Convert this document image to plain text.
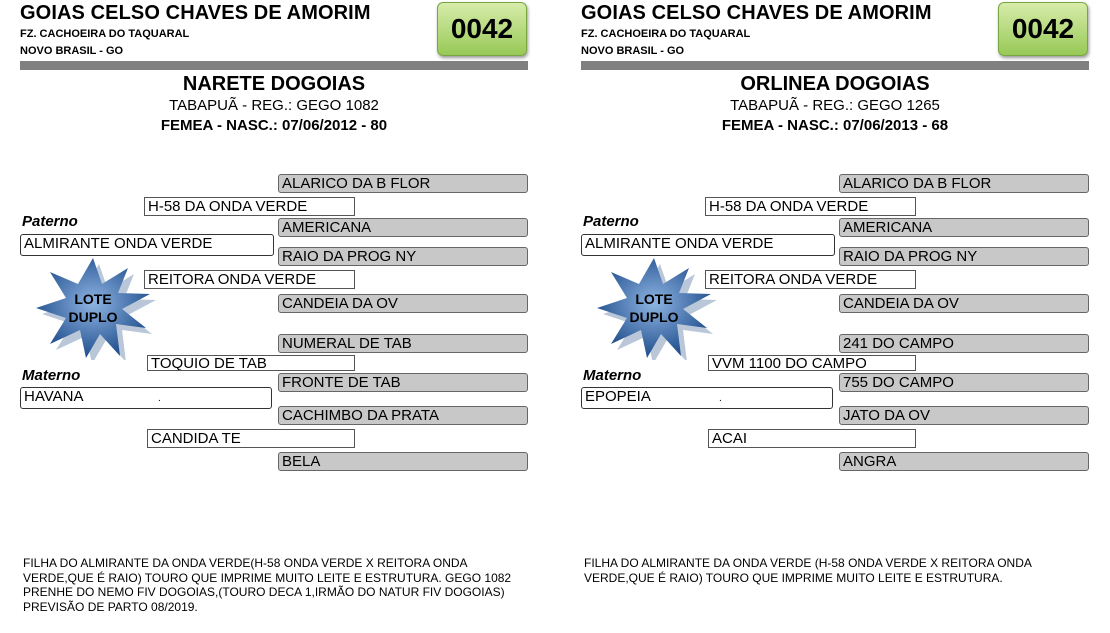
GOIAS CELSO CHAVES DE AMORIM
FZ. CACHOEIRA DO TAQUARAL
NOVO BRASIL - GO
0042
NARETE DOGOIAS
TABAPUÃ - REG.: GEGO 1082
FEMEA - NASC.: 07/06/2012 - 80
ALARICO DA B FLOR
H-58 DA ONDA VERDE
Paterno	AMERICANA
ALMIRANTE ONDA VERDE
RAIO DA PROG NY
REITORA ONDA VERDE
CANDEIA DA OV
LOTE
DUPLO
NUMERAL DE TAB
TOQUIO DE TAB
Materno	FRONTE DE TAB
HAVANA	.
CACHIMBO DA PRATA
CANDIDA TE
BELA
FILHA DO ALMIRANTE DA ONDA VERDE(H-58 ONDA VERDE X REITORA ONDA VERDE,QUE É RAIO) TOURO QUE IMPRIME MUITO LEITE E ESTRUTURA. GEGO 1082 PRENHE DO NEMO FIV DOGOIAS,(TOURO DECA 1,IRMÃO DO NATUR FIV DOGOIAS) PREVISÃO DE PARTO 08/2019.
GOIAS CELSO CHAVES DE AMORIM
FZ. CACHOEIRA DO TAQUARAL
NOVO BRASIL - GO
0042
ORLINEA DOGOIAS
TABAPUÃ - REG.: GEGO 1265
FEMEA - NASC.: 07/06/2013 - 68
ALARICO DA B FLOR
H-58 DA ONDA VERDE
Paterno	AMERICANA
ALMIRANTE ONDA VERDE
RAIO DA PROG NY
REITORA ONDA VERDE
CANDEIA DA OV
LOTE
DUPLO
241 DO CAMPO
VVM 1100 DO CAMPO
Materno	755 DO CAMPO
EPOPEIA	.
JATO DA OV
ACAI
ANGRA
FILHA DO ALMIRANTE DA ONDA VERDE (H-58 ONDA VERDE X REITORA ONDA VERDE,QUE É RAIO) TOURO QUE IMPRIME MUITO LEITE E ESTRUTURA.
